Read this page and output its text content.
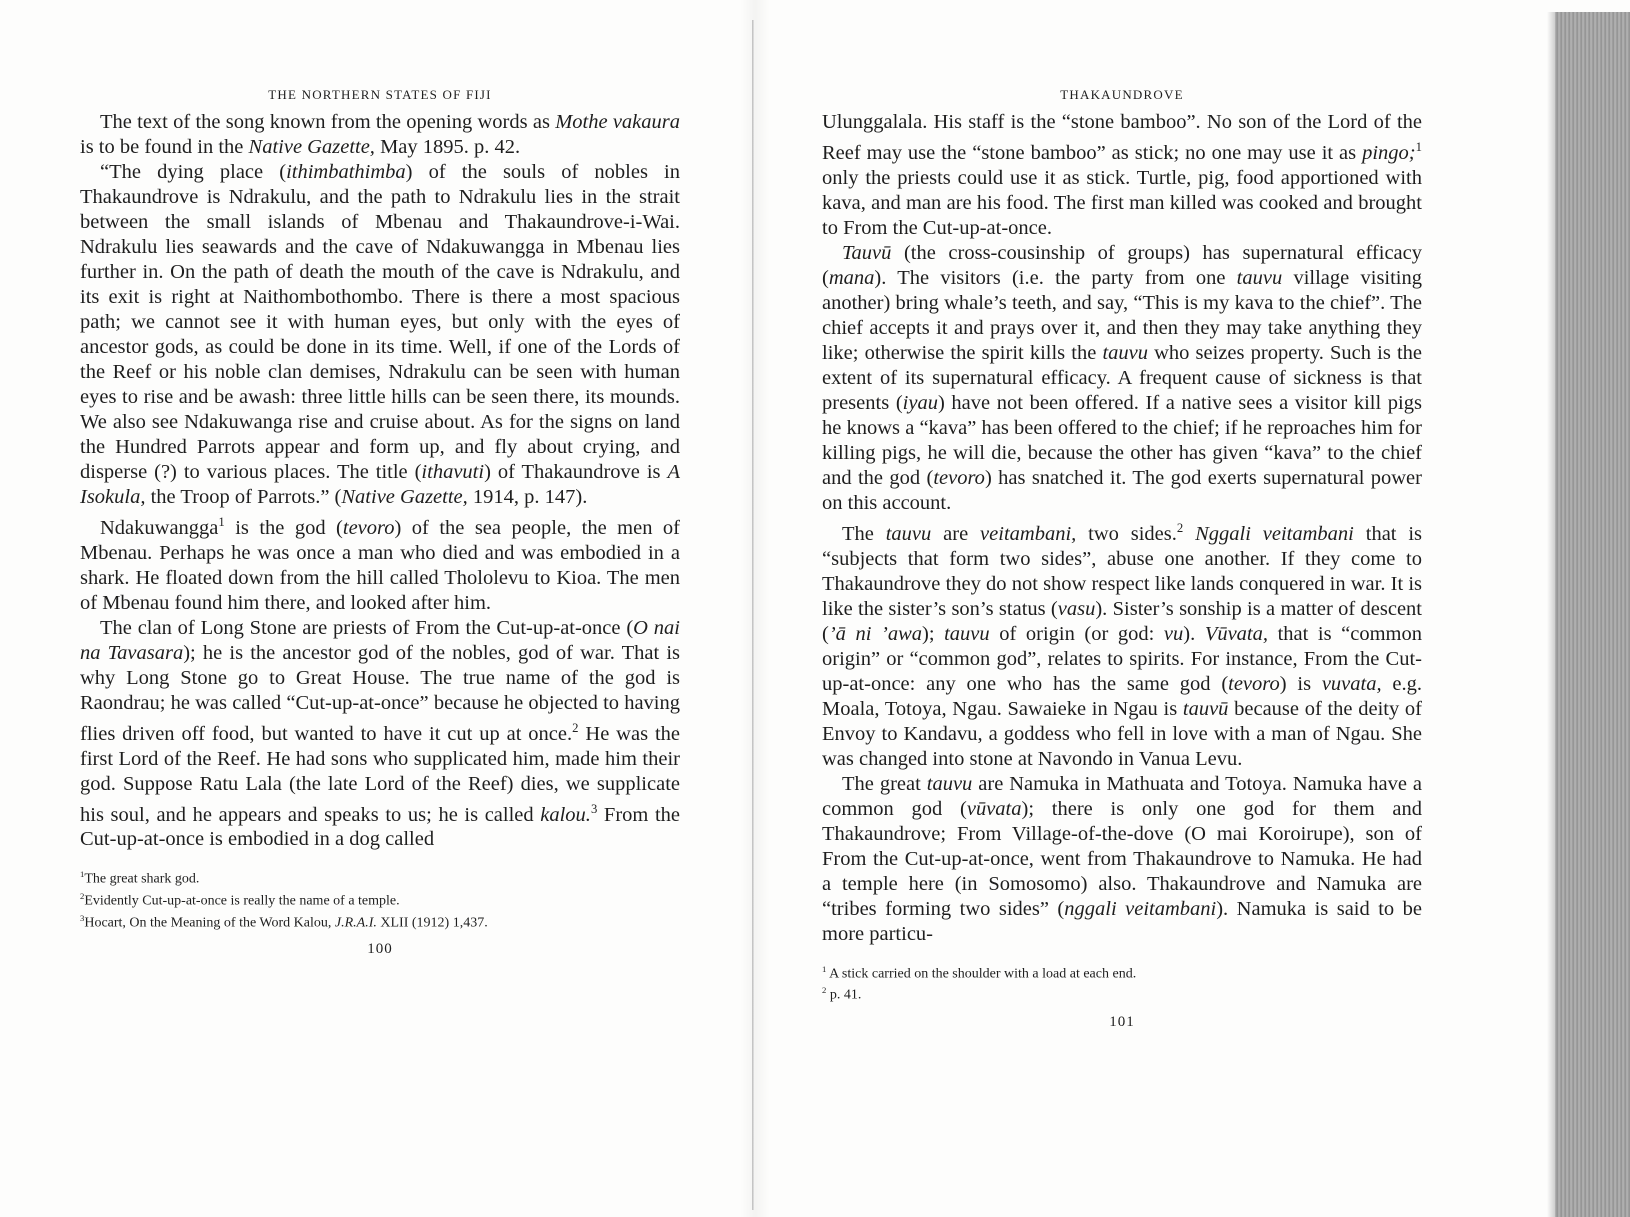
THE NORTHERN STATES OF FIJI

The text of the song known from the opening words as Mothe vakaura is to be found in the Native Gazette, May 1895. p. 42.

“The dying place (ithimbathimba) of the souls of nobles in Thakaundrove is Ndrakulu, and the path to Ndrakulu lies in the strait between the small islands of Mbenau and Thakaundrove-i-Wai. Ndrakulu lies seawards and the cave of Ndakuwangga in Mbenau lies further in. On the path of death the mouth of the cave is Ndrakulu, and its exit is right at Naithombothombo. There is there a most spacious path; we cannot see it with human eyes, but only with the eyes of ancestor gods, as could be done in its time. Well, if one of the Lords of the Reef or his noble clan demises, Ndrakulu can be seen with human eyes to rise and be awash: three little hills can be seen there, its mounds. We also see Ndakuwanga rise and cruise about. As for the signs on land the Hundred Parrots appear and form up, and fly about crying, and disperse (?) to various places. The title (ithavuti) of Thakaundrove is A Isokula, the Troop of Parrots.” (Native Gazette, 1914, p. 147).

Ndakuwangga$^1$ is the god (tevoro) of the sea people, the men of Mbenau. Perhaps he was once a man who died and was embodied in a shark. He floated down from the hill called Thololevu to Kioa. The men of Mbenau found him there, and looked after him.

The clan of Long Stone are priests of From the Cut-up-at-once (O nai na Tavasara); he is the ancestor god of the nobles, god of war. That is why Long Stone go to Great House. The true name of the god is Raondrau; he was called “Cut-up-at-once” because he objected to having flies driven off food, but wanted to have it cut up at once.$^2$ He was the first Lord of the Reef. He had sons who supplicated him, made him their god. Suppose Ratu Lala (the late Lord of the Reef) dies, we supplicate his soul, and he appears and speaks to us; he is called kalou.$^3$ From the Cut-up-at-once is embodied in a dog called

$^1$The great shark god.
$^2$Evidently Cut-up-at-once is really the name of a temple.
$^3$Hocart, On the Meaning of the Word Kalou, J.R.A.I. XLII (1912) 1,437.
100
THAKAUNDROVE

Ulunggalala. His staff is the “stone bamboo”. No son of the Lord of the Reef may use the “stone bamboo” as stick; no one may use it as pingo;$^1$ only the priests could use it as stick. Turtle, pig, food apportioned with kava, and man are his food. The first man killed was cooked and brought to From the Cut-up-at-once.

Tauvū (the cross-cousinship of groups) has supernatural efficacy (mana). The visitors (i.e. the party from one tauvu village visiting another) bring whale’s teeth, and say, “This is my kava to the chief”. The chief accepts it and prays over it, and then they may take anything they like; otherwise the spirit kills the tauvu who seizes property. Such is the extent of its supernatural efficacy. A frequent cause of sickness is that presents (iyau) have not been offered. If a native sees a visitor kill pigs he knows a “kava” has been offered to the chief; if he reproaches him for killing pigs, he will die, because the other has given “kava” to the chief and the god (tevoro) has snatched it. The god exerts supernatural power on this account.

The tauvu are veitambani, two sides.$^2$ Nggali veitambani that is “subjects that form two sides”, abuse one another. If they come to Thakaundrove they do not show respect like lands conquered in war. It is like the sister’s son’s status (vasu). Sister’s sonship is a matter of descent (’ā ni ’awa); tauvu of origin (or god: vu). Vūvata, that is “common origin” or “common god”, relates to spirits. For instance, From the Cut-up-at-once: any one who has the same god (tevoro) is vuvata, e.g. Moala, Totoya, Ngau. Sawaieke in Ngau is tauvū because of the deity of Envoy to Kandavu, a goddess who fell in love with a man of Ngau. She was changed into stone at Navondo in Vanua Levu.

The great tauvu are Namuka in Mathuata and Totoya. Namuka have a common god (vūvata); there is only one god for them and Thakaundrove; From Village-of-the-dove (O mai Koroirupe), son of From the Cut-up-at-once, went from Thakaundrove to Namuka. He had a temple here (in Somosomo) also. Thakaundrove and Namuka are “tribes forming two sides” (nggali veitambani). Namuka is said to be more particu-

$^1$ A stick carried on the shoulder with a load at each end.
$^2$ p. 41.
101
